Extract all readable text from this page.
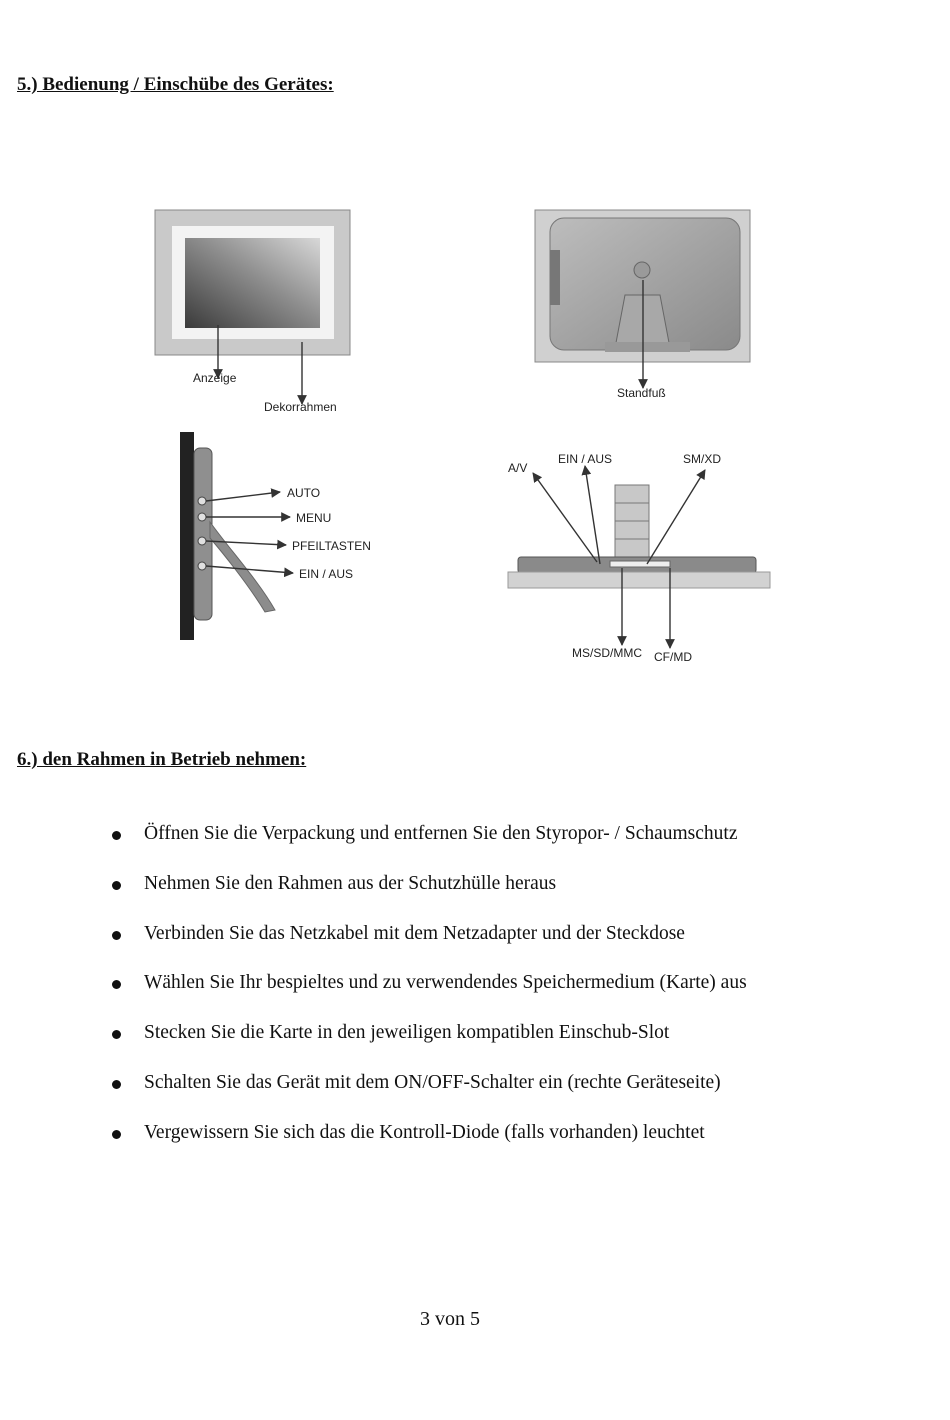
5.) Bedienung / Einschübe des Gerätes:
Anzeige
Dekorrahmen
Standfuß
AUTO
MENU
PFEILTASTEN
EIN / AUS
A/V
EIN / AUS	SM/XD
MS/SD/MMC CF/MD
6.) den Rahmen in Betrieb nehmen:
Öffnen Sie die Verpackung und entfernen Sie den Styropor- / Schaumschutz
Nehmen Sie den Rahmen aus der Schutzhülle heraus
Verbinden Sie das Netzkabel mit dem Netzadapter und der Steckdose
Wählen Sie Ihr bespieltes und zu verwendendes Speichermedium (Karte) aus
Stecken Sie die Karte in den jeweiligen kompatiblen Einschub-Slot
Schalten Sie das Gerät mit dem ON/OFF-Schalter ein (rechte Geräteseite)
Vergewissern Sie sich das die Kontroll-Diode (falls vorhanden) leuchtet
3 von 5
